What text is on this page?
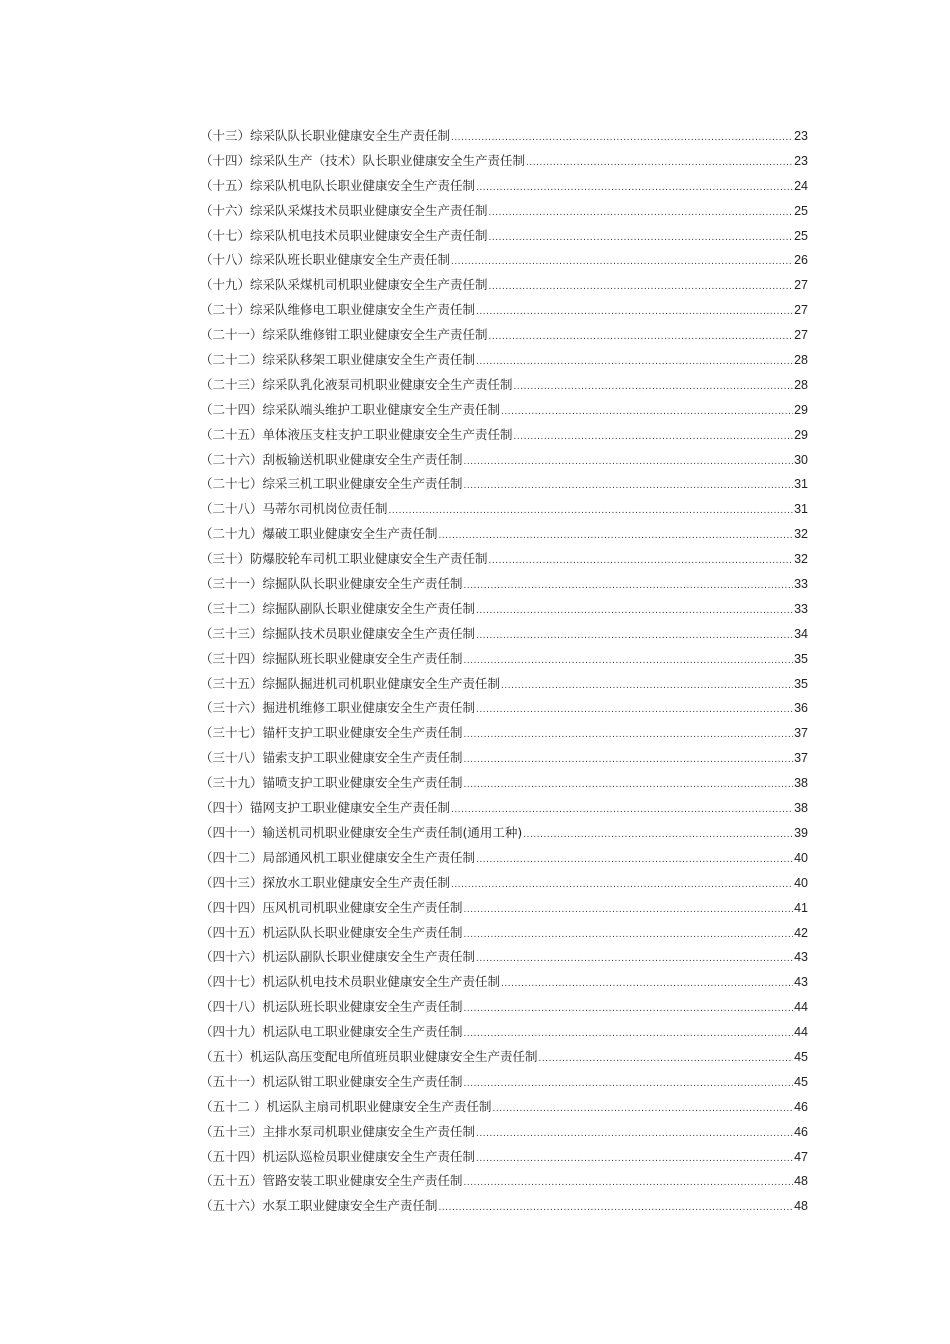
（十三）综采队队长职业健康安全生产责任制 .....	23
（十四）综采队生产（技术）队长职业健康安全生产责任制 .....	23
（十五）综采队机电队长职业健康安全生产责任制 .....	24
（十六）综采队采煤技术员职业健康安全生产责任制 .....	25
（十七）综采队机电技术员职业健康安全生产责任制 .....	25
（十八）综采队班长职业健康安全生产责任制 .....	26
（十九）综采队采煤机司机职业健康安全生产责任制 .....	27
（二十）综采队维修电工职业健康安全生产责任制 .....	27
（二十一）综采队维修钳工职业健康安全生产责任制 .....	27
（二十二）综采队移架工职业健康安全生产责任制 .....	28
（二十三）综采队乳化液泵司机职业健康安全生产责任制 .....	28
（二十四）综采队端头维护工职业健康安全生产责任制 .....	29
（二十五）单体液压支柱支护工职业健康安全生产责任制 .....	29
（二十六）刮板输送机职业健康安全生产责任制 .....	30
（二十七）综采三机工职业健康安全生产责任制 .....	31
（二十八）马蒂尔司机岗位责任制 .....	31
（二十九）爆破工职业健康安全生产责任制 .....	32
（三十）防爆胶轮车司机工职业健康安全生产责任制 .....	32
（三十一）综掘队队长职业健康安全生产责任制 .....	33
（三十二）综掘队副队长职业健康安全生产责任制 .....	33
（三十三）综掘队技术员职业健康安全生产责任制 .....	34
（三十四）综掘队班长职业健康安全生产责任制 .....	35
（三十五）综掘队掘进机司机职业健康安全生产责任制 .....	35
（三十六）掘进机维修工职业健康安全生产责任制 .....	36
（三十七）锚杆支护工职业健康安全生产责任制 .....	37
（三十八）锚索支护工职业健康安全生产责任制 .....	37
（三十九）锚喷支护工职业健康安全生产责任制 .....	38
（四十）锚网支护工职业健康安全生产责任制 .....	38
（四十一）输送机司机职业健康安全生产责任制(通用工种) .....	39
（四十二）局部通风机工职业健康安全生产责任制 .....	40
（四十三）探放水工职业健康安全生产责任制 .....	40
（四十四）压风机司机职业健康安全生产责任制 .....	41
（四十五）机运队队长职业健康安全生产责任制 .....	42
（四十六）机运队副队长职业健康安全生产责任制 .....	43
（四十七）机运队机电技术员职业健康安全生产责任制 .....	43
（四十八）机运队班长职业健康安全生产责任制 .....	44
（四十九）机运队电工职业健康安全生产责任制 .....	44
（五十）机运队高压变配电所值班员职业健康安全生产责任制 .....	45
（五十一）机运队钳工职业健康安全生产责任制 .....	45
（五十二 ）机运队主扇司机职业健康安全生产责任制 .....	46
（五十三）主排水泵司机职业健康安全生产责任制 .....	46
（五十四）机运队巡检员职业健康安全生产责任制 .....	47
（五十五）管路安装工职业健康安全生产责任制 .....	48
（五十六）水泵工职业健康安全生产责任制 .....	48
